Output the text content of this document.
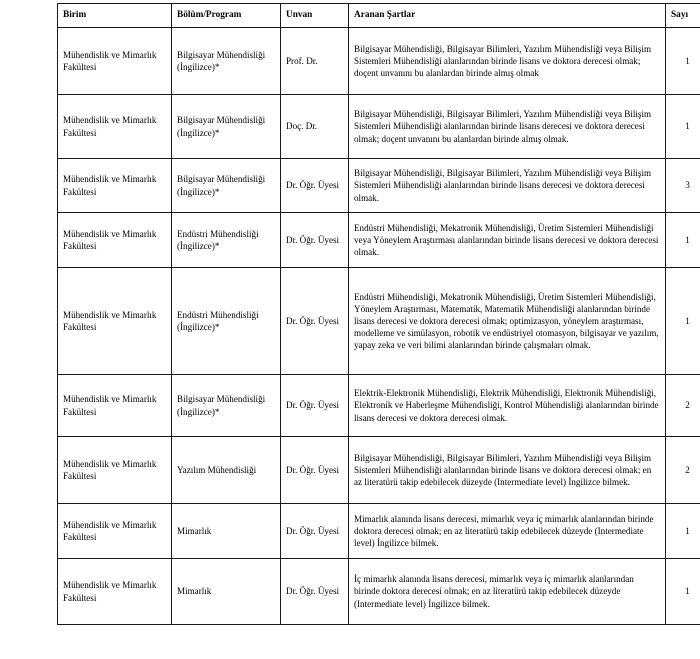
Birim	Bölüm/Program	Unvan	Aranan Şartlar	Sayı
Mühendislik ve Mimarlık Fakültesi	Bilgisayar Mühendisliği (İngilizce)*	Prof. Dr.	Bilgisayar Mühendisliği, Bilgisayar Bilimleri, Yazılım Mühendisliği veya Bilişim Sistemleri Mühendisliği alanlarından birinde lisans ve doktora derecesi olmak; doçent unvanını bu alanlardan birinde almış olmak	1
Mühendislik ve Mimarlık Fakültesi	Bilgisayar Mühendisliği (İngilizce)*	Doç. Dr.	Bilgisayar Mühendisliği, Bilgisayar Bilimleri, Yazılım Mühendisliği veya Bilişim Sistemleri Mühendisliği alanlarından birinde lisans derecesi ve doktora derecesi olmak; doçent unvanını bu alanlardan birinde almış olmak.	1
Mühendislik ve Mimarlık Fakültesi	Bilgisayar Mühendisliği (İngilizce)*	Dr. Öğr. Üyesi	Bilgisayar Mühendisliği, Bilgisayar Bilimleri, Yazılım Mühendisliği veya Bilişim Sistemleri Mühendisliği alanlarından birinde lisans derecesi ve doktora derecesi olmak.	3
Mühendislik ve Mimarlık Fakültesi	Endüstri Mühendisliği (İngilizce)*	Dr. Öğr. Üyesi	Endüstri Mühendisliği, Mekatronik Mühendisliği, Üretim Sistemleri Mühendisliği veya Yöneylem Araştırması alanlarından birinde lisans derecesi ve doktora derecesi olmak.	1
Mühendislik ve Mimarlık Fakültesi	Endüstri Mühendisliği (İngilizce)*	Dr. Öğr. Üyesi	Endüstri Mühendisliği, Mekatronik Mühendisliği, Üretim Sistemleri Mühendisliği, Yöneylem Araştırması, Matematik, Matematik Mühendisliği alanlarından birinde lisans derecesi ve doktora derecesi olmak; optimizasyon, yöneylem araştırması, modelleme ve simülasyon, robotik ve endüstriyel otomasyon, bilgisayar ve yazılım, yapay zeka ve veri bilimi alanlarından birinde çalışmaları olmak.	1
Mühendislik ve Mimarlık Fakültesi	Bilgisayar Mühendisliği (İngilizce)*	Dr. Öğr. Üyesi	Elektrik-Elektronik Mühendisliği, Elektrik Mühendisliği, Elektronik Mühendisliği, Elektronik ve Haberleşme Mühendisliği, Kontrol Mühendisliği alanlarından birinde lisans derecesi ve doktora derecesi olmak.	2
Mühendislik ve Mimarlık Fakültesi	Yazılım Mühendisliği	Dr. Öğr. Üyesi	Bilgisayar Mühendisliği, Bilgisayar Bilimleri, Yazılım Mühendisliği veya Bilişim Sistemleri Mühendisliği alanlarından birinde lisans ve doktora derecesi olmak; en az literatürü takip edebilecek düzeyde (Intermediate level) İngilizce bilmek.	2
Mühendislik ve Mimarlık Fakültesi	Mimarlık	Dr. Öğr. Üyesi	Mimarlık alanında lisans derecesi, mimarlık veya iç mimarlık alanlarından birinde doktora derecesi olmak; en az literatürü takip edebilecek düzeyde (Intermediate level) İngilizce bilmek.	1
Mühendislik ve Mimarlık Fakültesi	Mimarlık	Dr. Öğr. Üyesi	İç mimarlık alanında lisans derecesi, mimarlık veya iç mimarlık alanlarından birinde doktora derecesi olmak; en az literatürü takip edebilecek düzeyde (Intermediate level) İngilizce bilmek.	1
